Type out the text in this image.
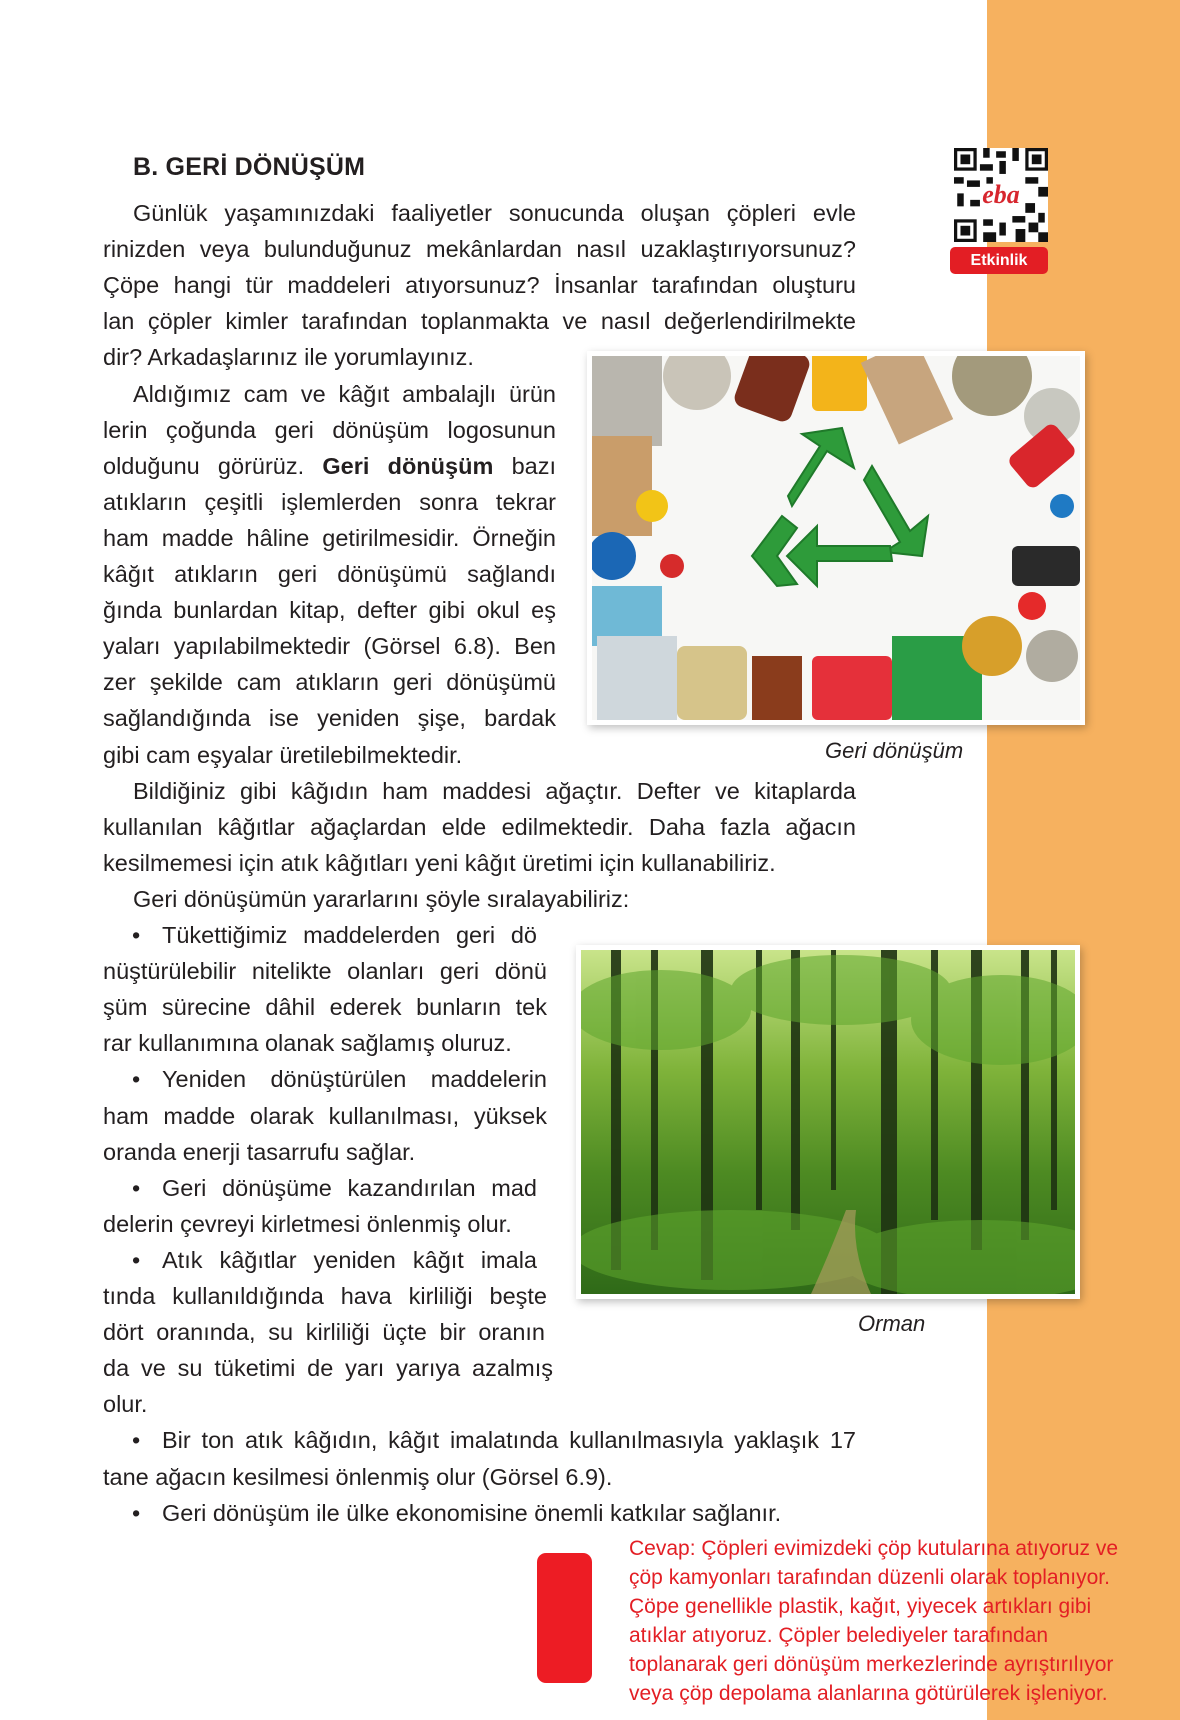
B. GERİ DÖNÜŞÜM
eba
Etkinlik
Geri dönüşüm
Orman
Günlük yaşamınızdaki faaliyetler sonucunda oluşan çöpleri evle
rinizden veya bulunduğunuz mekânlardan nasıl uzaklaştırıyorsunuz?
Çöpe hangi tür maddeleri atıyorsunuz? İnsanlar tarafından oluşturu
lan çöpler kimler tarafından toplanmakta ve nasıl değerlendirilmekte
dir? Arkadaşlarınız ile yorumlayınız.
Aldığımız cam ve kâğıt ambalajlı ürün
lerin çoğunda geri dönüşüm logosunun
olduğunu görürüz. Geri dönüşüm bazı
atıkların çeşitli işlemlerden sonra tekrar
ham madde hâline getirilmesidir. Örneğin
kâğıt atıkların geri dönüşümü sağlandı
ğında bunlardan kitap, defter gibi okul eş
yaları yapılabilmektedir (Görsel 6.8). Ben
zer şekilde cam atıkların geri dönüşümü
sağlandığında ise yeniden şişe, bardak
gibi cam eşyalar üretilebilmektedir.
Bildiğiniz gibi kâğıdın ham maddesi ağaçtır. Defter ve kitaplarda
kullanılan kâğıtlar ağaçlardan elde edilmektedir. Daha fazla ağacın
kesilmemesi için atık kâğıtları yeni kâğıt üretimi için kullanabiliriz.
Geri dönüşümün yararlarını şöyle sıralayabiliriz:
Tükettiğimiz maddelerden geri dö
•
nüştürülebilir nitelikte olanları geri dönü
şüm sürecine dâhil ederek bunların tek
rar kullanımına olanak sağlamış oluruz.
Yeniden dönüştürülen maddelerin
•
ham madde olarak kullanılması, yüksek
oranda enerji tasarrufu sağlar.
Geri dönüşüme kazandırılan mad
•
delerin çevreyi kirletmesi önlenmiş olur.
Atık kâğıtlar yeniden kâğıt imala
•
tında kullanıldığında hava kirliliği beşte
dört oranında, su kirliliği üçte bir oranın
da ve su tüketimi de yarı yarıya azalmış
olur.
Bir ton atık kâğıdın, kâğıt imalatında kullanılmasıyla yaklaşık 17
•
tane ağacın kesilmesi önlenmiş olur (Görsel 6.9).
Geri dönüşüm ile ülke ekonomisine önemli katkılar sağlanır.
•
Cevap: Çöpleri evimizdeki çöp kutularına atıyoruz ve
çöp kamyonları tarafından düzenli olarak toplanıyor.
Çöpe genellikle plastik, kağıt, yiyecek artıkları gibi
atıklar atıyoruz. Çöpler belediyeler tarafından
toplanarak geri dönüşüm merkezlerinde ayrıştırılıyor
veya çöp depolama alanlarına götürülerek işleniyor.
